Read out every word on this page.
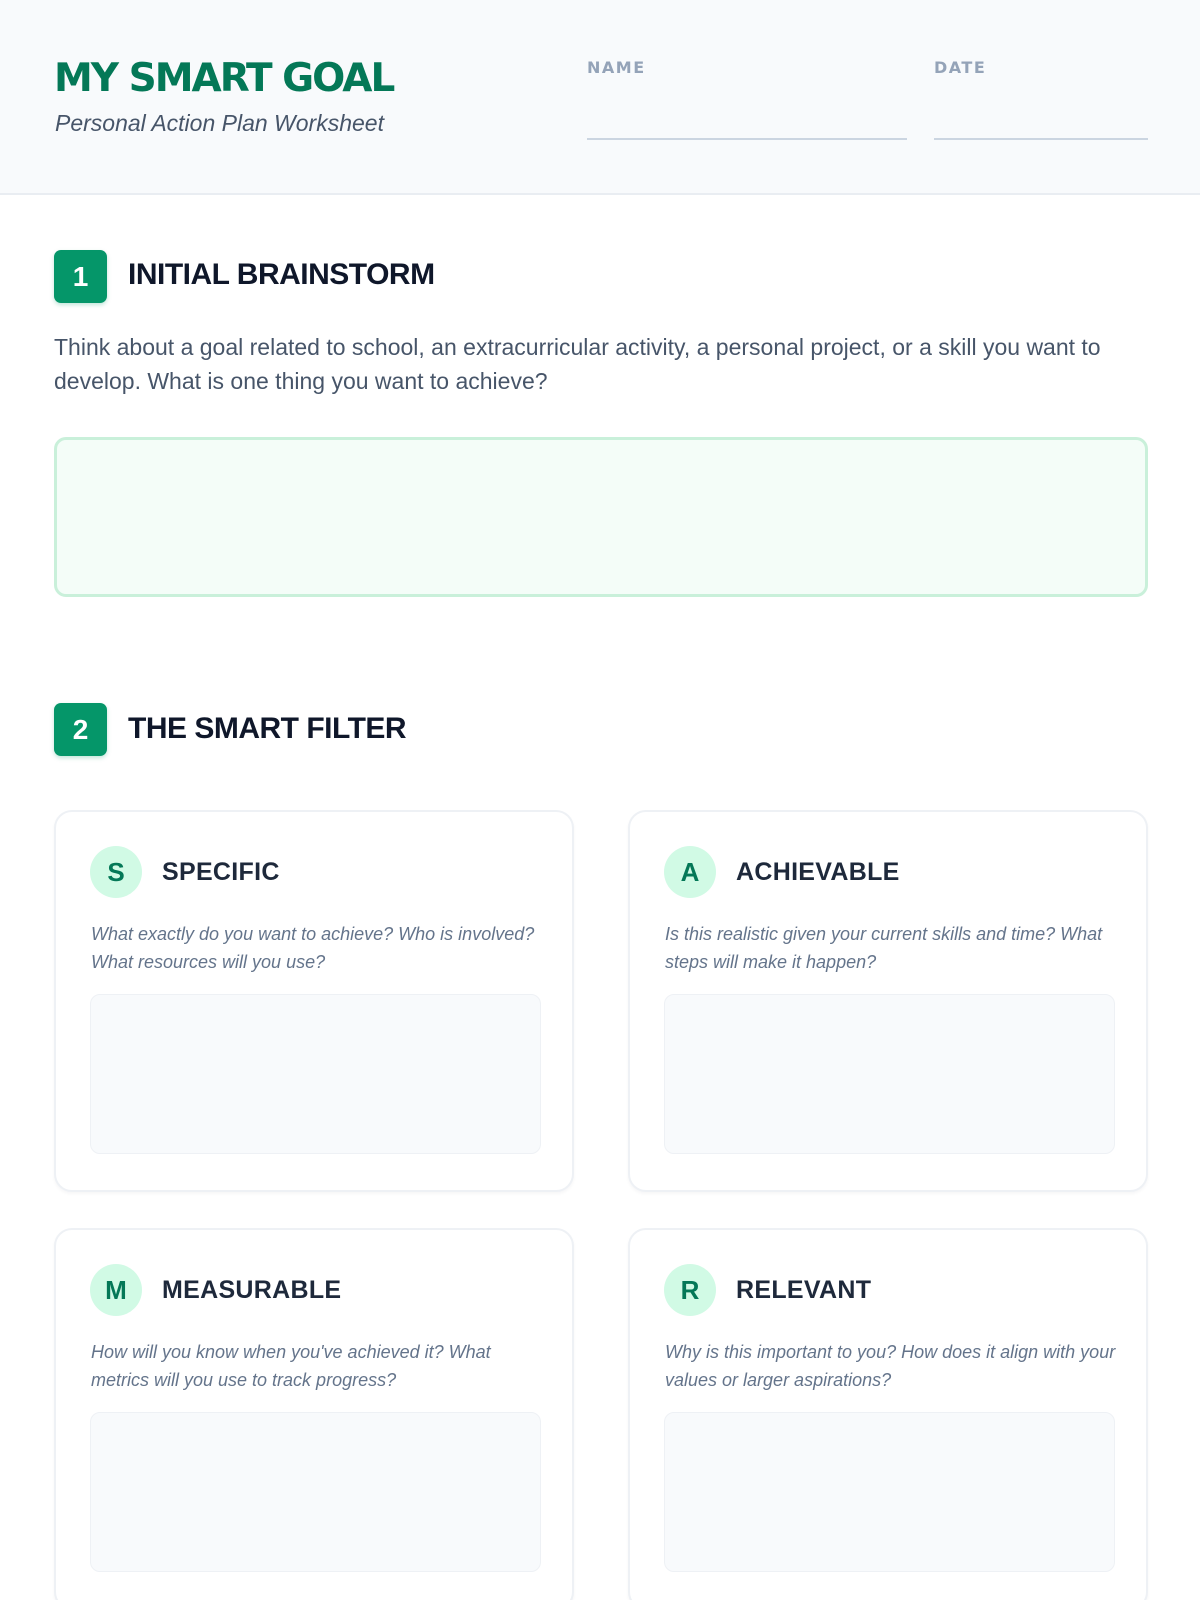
MY SMART GOAL
Personal Action Plan Worksheet
NAME	DATE
1	INITIAL BRAINSTORM
Think about a goal related to school, an extracurricular activity, a personal project, or a skill you want to develop. What is one thing you want to achieve?
2	THE SMART FILTER
S	SPECIFIC
What exactly do you want to achieve? Who is involved? What resources will you use?
A	ACHIEVABLE
Is this realistic given your current skills and time? What steps will make it happen?
M	MEASURABLE
How will you know when you've achieved it? What metrics will you use to track progress?
R	RELEVANT
Why is this important to you? How does it align with your values or larger aspirations?
